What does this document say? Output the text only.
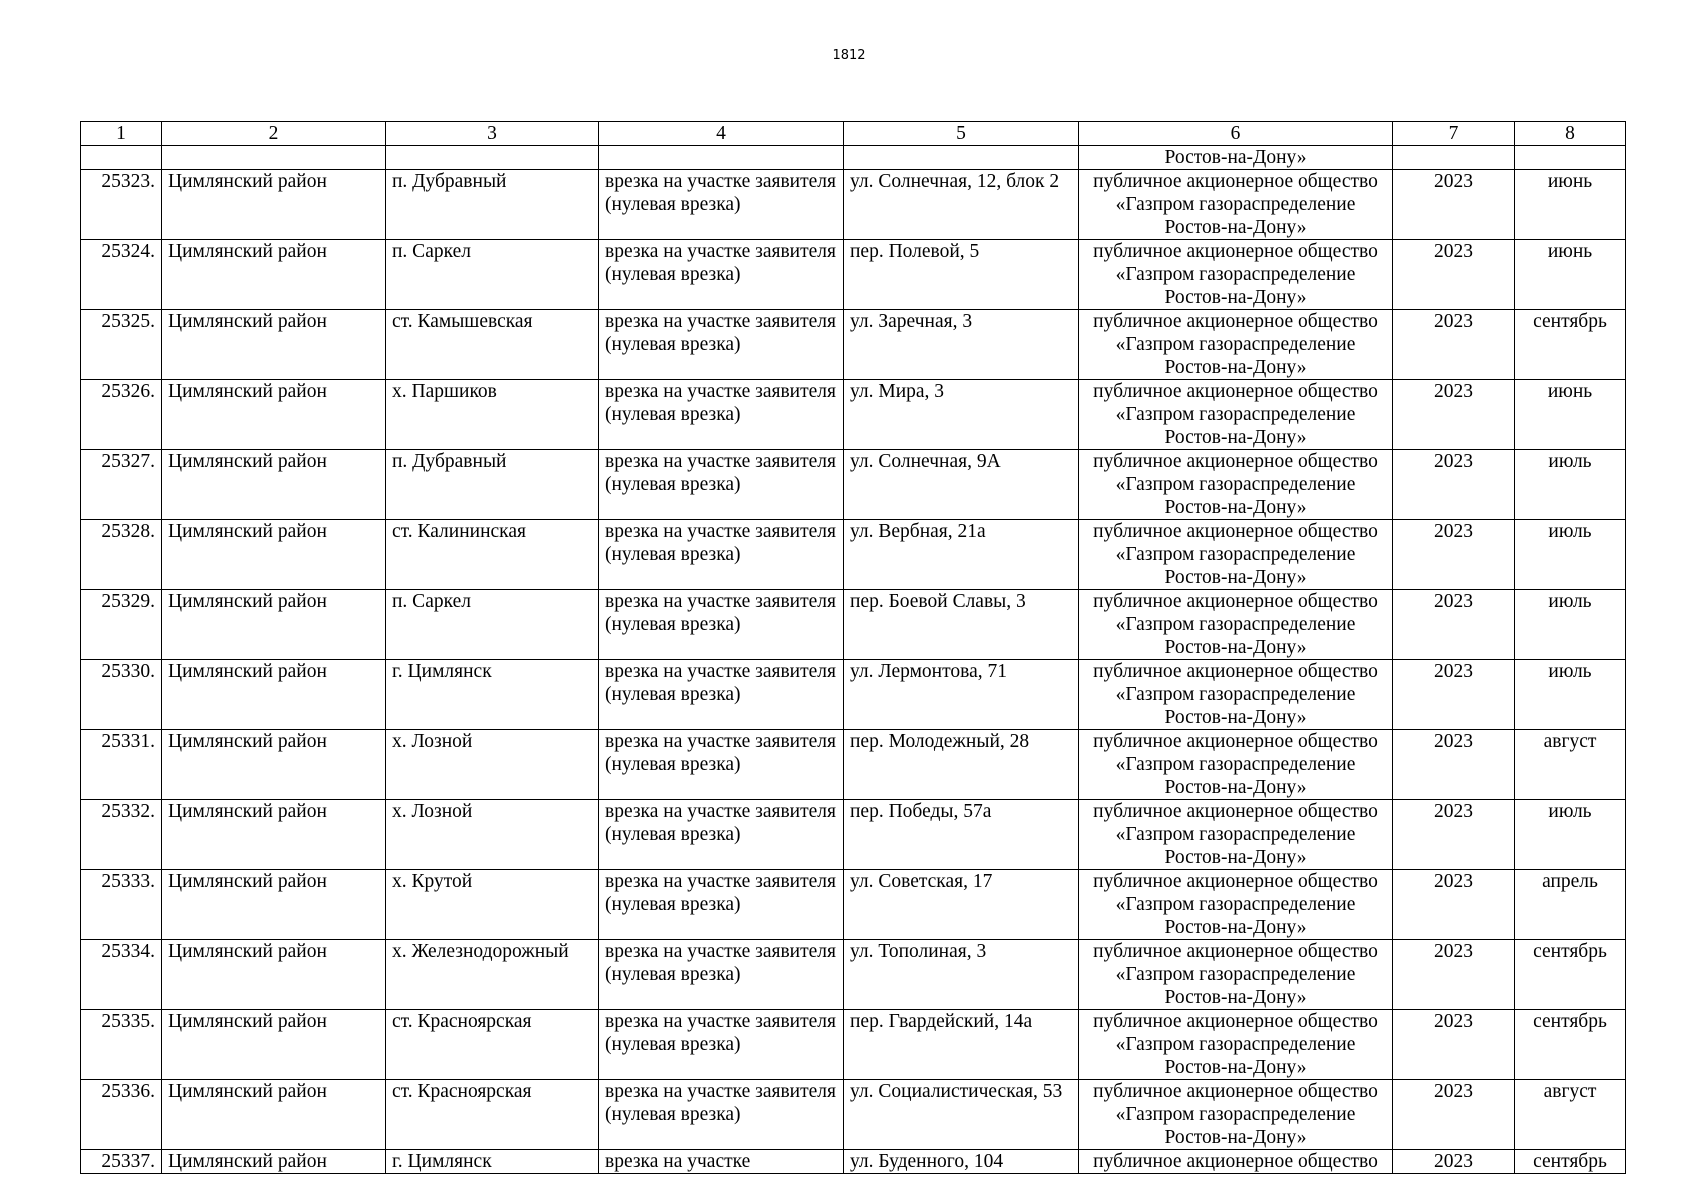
1812
1	2	3	4	5	6	7	8
					Ростов-на-Дону»		
25323.	Цимлянский район	п. Дубравный	врезка на участке заявителя (нулевая врезка)	ул. Солнечная, 12, блок 2	публичное акционерное общество «Газпром газораспределение Ростов-на-Дону»	2023	июнь
25324.	Цимлянский район	п. Саркел	врезка на участке заявителя (нулевая врезка)	пер. Полевой, 5	публичное акционерное общество «Газпром газораспределение Ростов-на-Дону»	2023	июнь
25325.	Цимлянский район	ст. Камышевская	врезка на участке заявителя (нулевая врезка)	ул. Заречная, 3	публичное акционерное общество «Газпром газораспределение Ростов-на-Дону»	2023	сентябрь
25326.	Цимлянский район	х. Паршиков	врезка на участке заявителя (нулевая врезка)	ул. Мира, 3	публичное акционерное общество «Газпром газораспределение Ростов-на-Дону»	2023	июнь
25327.	Цимлянский район	п. Дубравный	врезка на участке заявителя (нулевая врезка)	ул. Солнечная, 9А	публичное акционерное общество «Газпром газораспределение Ростов-на-Дону»	2023	июль
25328.	Цимлянский район	ст. Калининская	врезка на участке заявителя (нулевая врезка)	ул. Вербная, 21а	публичное акционерное общество «Газпром газораспределение Ростов-на-Дону»	2023	июль
25329.	Цимлянский район	п. Саркел	врезка на участке заявителя (нулевая врезка)	пер. Боевой Славы, 3	публичное акционерное общество «Газпром газораспределение Ростов-на-Дону»	2023	июль
25330.	Цимлянский район	г. Цимлянск	врезка на участке заявителя (нулевая врезка)	ул. Лермонтова, 71	публичное акционерное общество «Газпром газораспределение Ростов-на-Дону»	2023	июль
25331.	Цимлянский район	х. Лозной	врезка на участке заявителя (нулевая врезка)	пер. Молодежный, 28	публичное акционерное общество «Газпром газораспределение Ростов-на-Дону»	2023	август
25332.	Цимлянский район	х. Лозной	врезка на участке заявителя (нулевая врезка)	пер. Победы, 57а	публичное акционерное общество «Газпром газораспределение Ростов-на-Дону»	2023	июль
25333.	Цимлянский район	х. Крутой	врезка на участке заявителя (нулевая врезка)	ул. Советская, 17	публичное акционерное общество «Газпром газораспределение Ростов-на-Дону»	2023	апрель
25334.	Цимлянский район	х. Железнодорожный	врезка на участке заявителя (нулевая врезка)	ул. Тополиная, 3	публичное акционерное общество «Газпром газораспределение Ростов-на-Дону»	2023	сентябрь
25335.	Цимлянский район	ст. Красноярская	врезка на участке заявителя (нулевая врезка)	пер. Гвардейский, 14а	публичное акционерное общество «Газпром газораспределение Ростов-на-Дону»	2023	сентябрь
25336.	Цимлянский район	ст. Красноярская	врезка на участке заявителя (нулевая врезка)	ул. Социалистическая, 53	публичное акционерное общество «Газпром газораспределение Ростов-на-Дону»	2023	август
25337.	Цимлянский район	г. Цимлянск	врезка на участке	ул. Буденного, 104	публичное акционерное общество	2023	сентябрь
